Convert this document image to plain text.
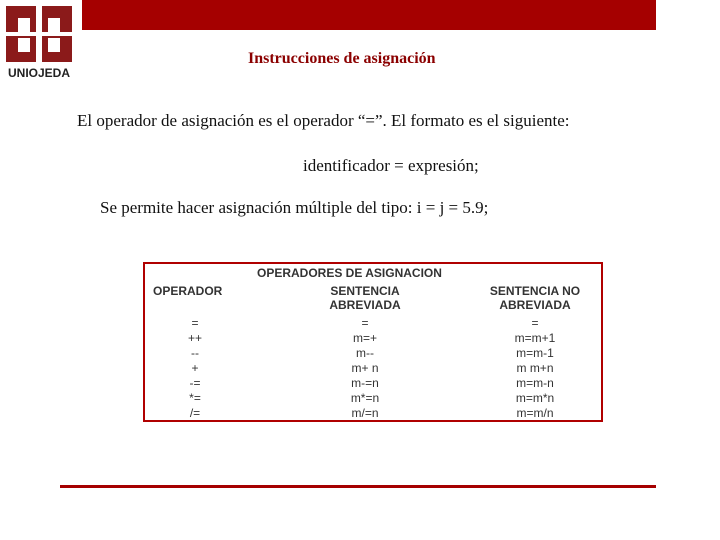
UNIOJEDA
Instrucciones de asignación
El operador de asignación es el operador “=”. El formato es el siguiente:
identificador = expresión;
Se permite hacer asignación múltiple del tipo: i = j = 5.9;
OPERADORES DE ASIGNACION
OPERADOR	SENTENCIA
ABREVIADA
SENTENCIA NO
ABREVIADA
=
++
--
+
-=
*=
/=
=
m=+
m--
m+ n
m-=n
m*=n
m/=n
=
m=m+1
m=m-1
m m+n
m=m-n
m=m*n
m=m/n
